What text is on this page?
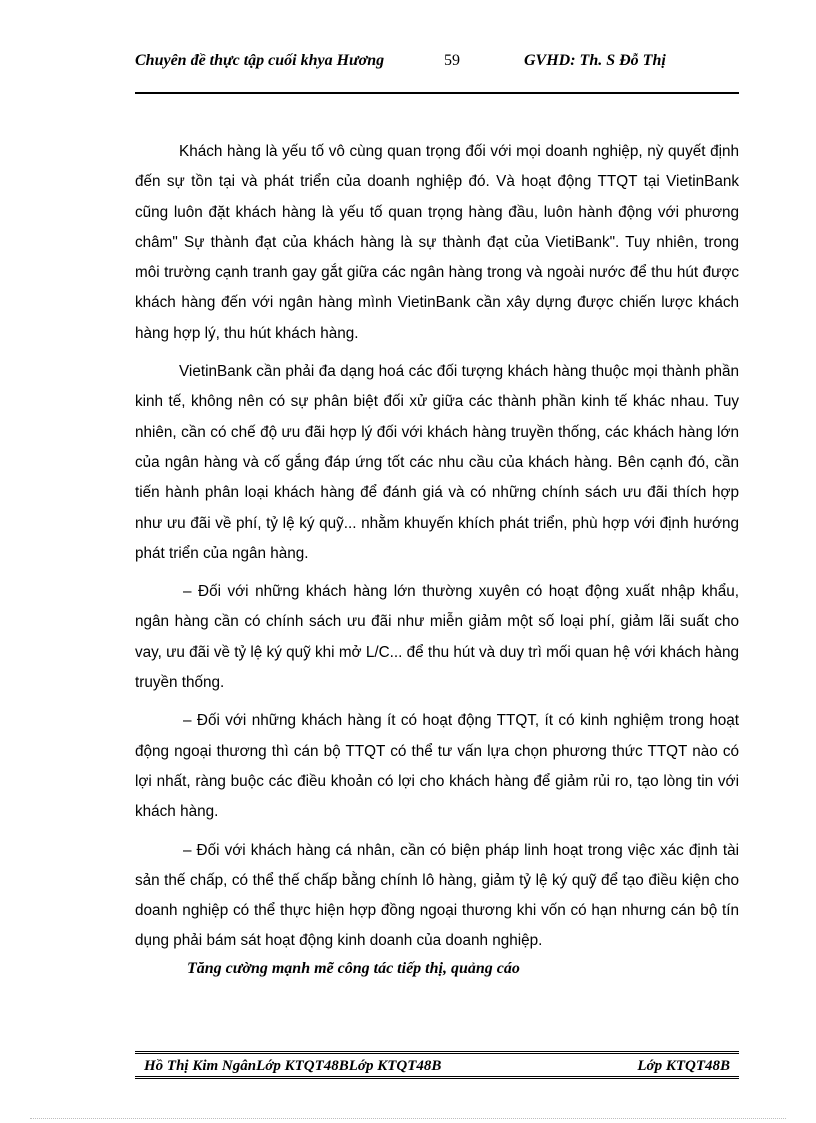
Chuyên đề thực tập cuối khya Hương	59	GVHD: Th. S Đỗ Thị

Khách hàng là yếu tố vô cùng quan trọng đối với mọi doanh nghiệp, nỳ quyết định đến sự tồn tại và phát triển của doanh nghiệp đó. Và hoạt động TTQT tại VietinBank cũng luôn đặt khách hàng là yếu tố quan trọng hàng đầu, luôn hành động với phương châm" Sự thành đạt của khách hàng là sự thành đạt của VietiBank". Tuy nhiên, trong môi trường cạnh tranh gay gắt giữa các ngân hàng trong và ngoài nước để thu hút được khách hàng đến với ngân hàng mình VietinBank cần xây dựng được chiến lược khách hàng hợp lý, thu hút khách hàng.

VietinBank cần phải đa dạng hoá các đối tượng khách hàng thuộc mọi thành phần kinh tế, không nên có sự phân biệt đối xử giữa các thành phần kinh tế khác nhau. Tuy nhiên, cần có chế độ ưu đãi hợp lý đối với khách hàng truyền thống, các khách hàng lớn của ngân hàng và cố gắng đáp ứng tốt các nhu cầu của khách hàng. Bên cạnh đó, cần tiến hành phân loại khách hàng để đánh giá và có những chính sách ưu đãi thích hợp như ưu đãi về phí, tỷ lệ ký quỹ... nhằm khuyến khích phát triển, phù hợp với định hướng phát triển của ngân hàng.

– Đối với những khách hàng lớn thường xuyên có hoạt động xuất nhập khẩu, ngân hàng cần có chính sách ưu đãi như miễn giảm một số loại phí, giảm lãi suất cho vay, ưu đãi về tỷ lệ ký quỹ khi mở L/C... để thu hút và duy trì mối quan hệ với khách hàng truyền thống.

– Đối với những khách hàng ít có hoạt động TTQT, ít có kinh nghiệm trong hoạt động ngoại thương thì cán bộ TTQT có thể tư vấn lựa chọn phương thức TTQT nào có lợi nhất, ràng buộc các điều khoản có lợi cho khách hàng để giảm rủi ro, tạo lòng tin với khách hàng.

– Đối với khách hàng cá nhân, cần có biện pháp linh hoạt trong việc xác định tài sản thế chấp, có thể thế chấp bằng chính lô hàng, giảm tỷ lệ ký quỹ để tạo điều kiện cho doanh nghiệp có thể thực hiện hợp đồng ngoại thương khi vốn có hạn nhưng cán bộ tín dụng phải bám sát hoạt động kinh doanh của doanh nghiệp.

Tăng cường mạnh mẽ công tác tiếp thị, quảng cáo
Hồ Thị Kim NgânLớp KTQT48BLớp KTQT48B	Lớp KTQT48B
